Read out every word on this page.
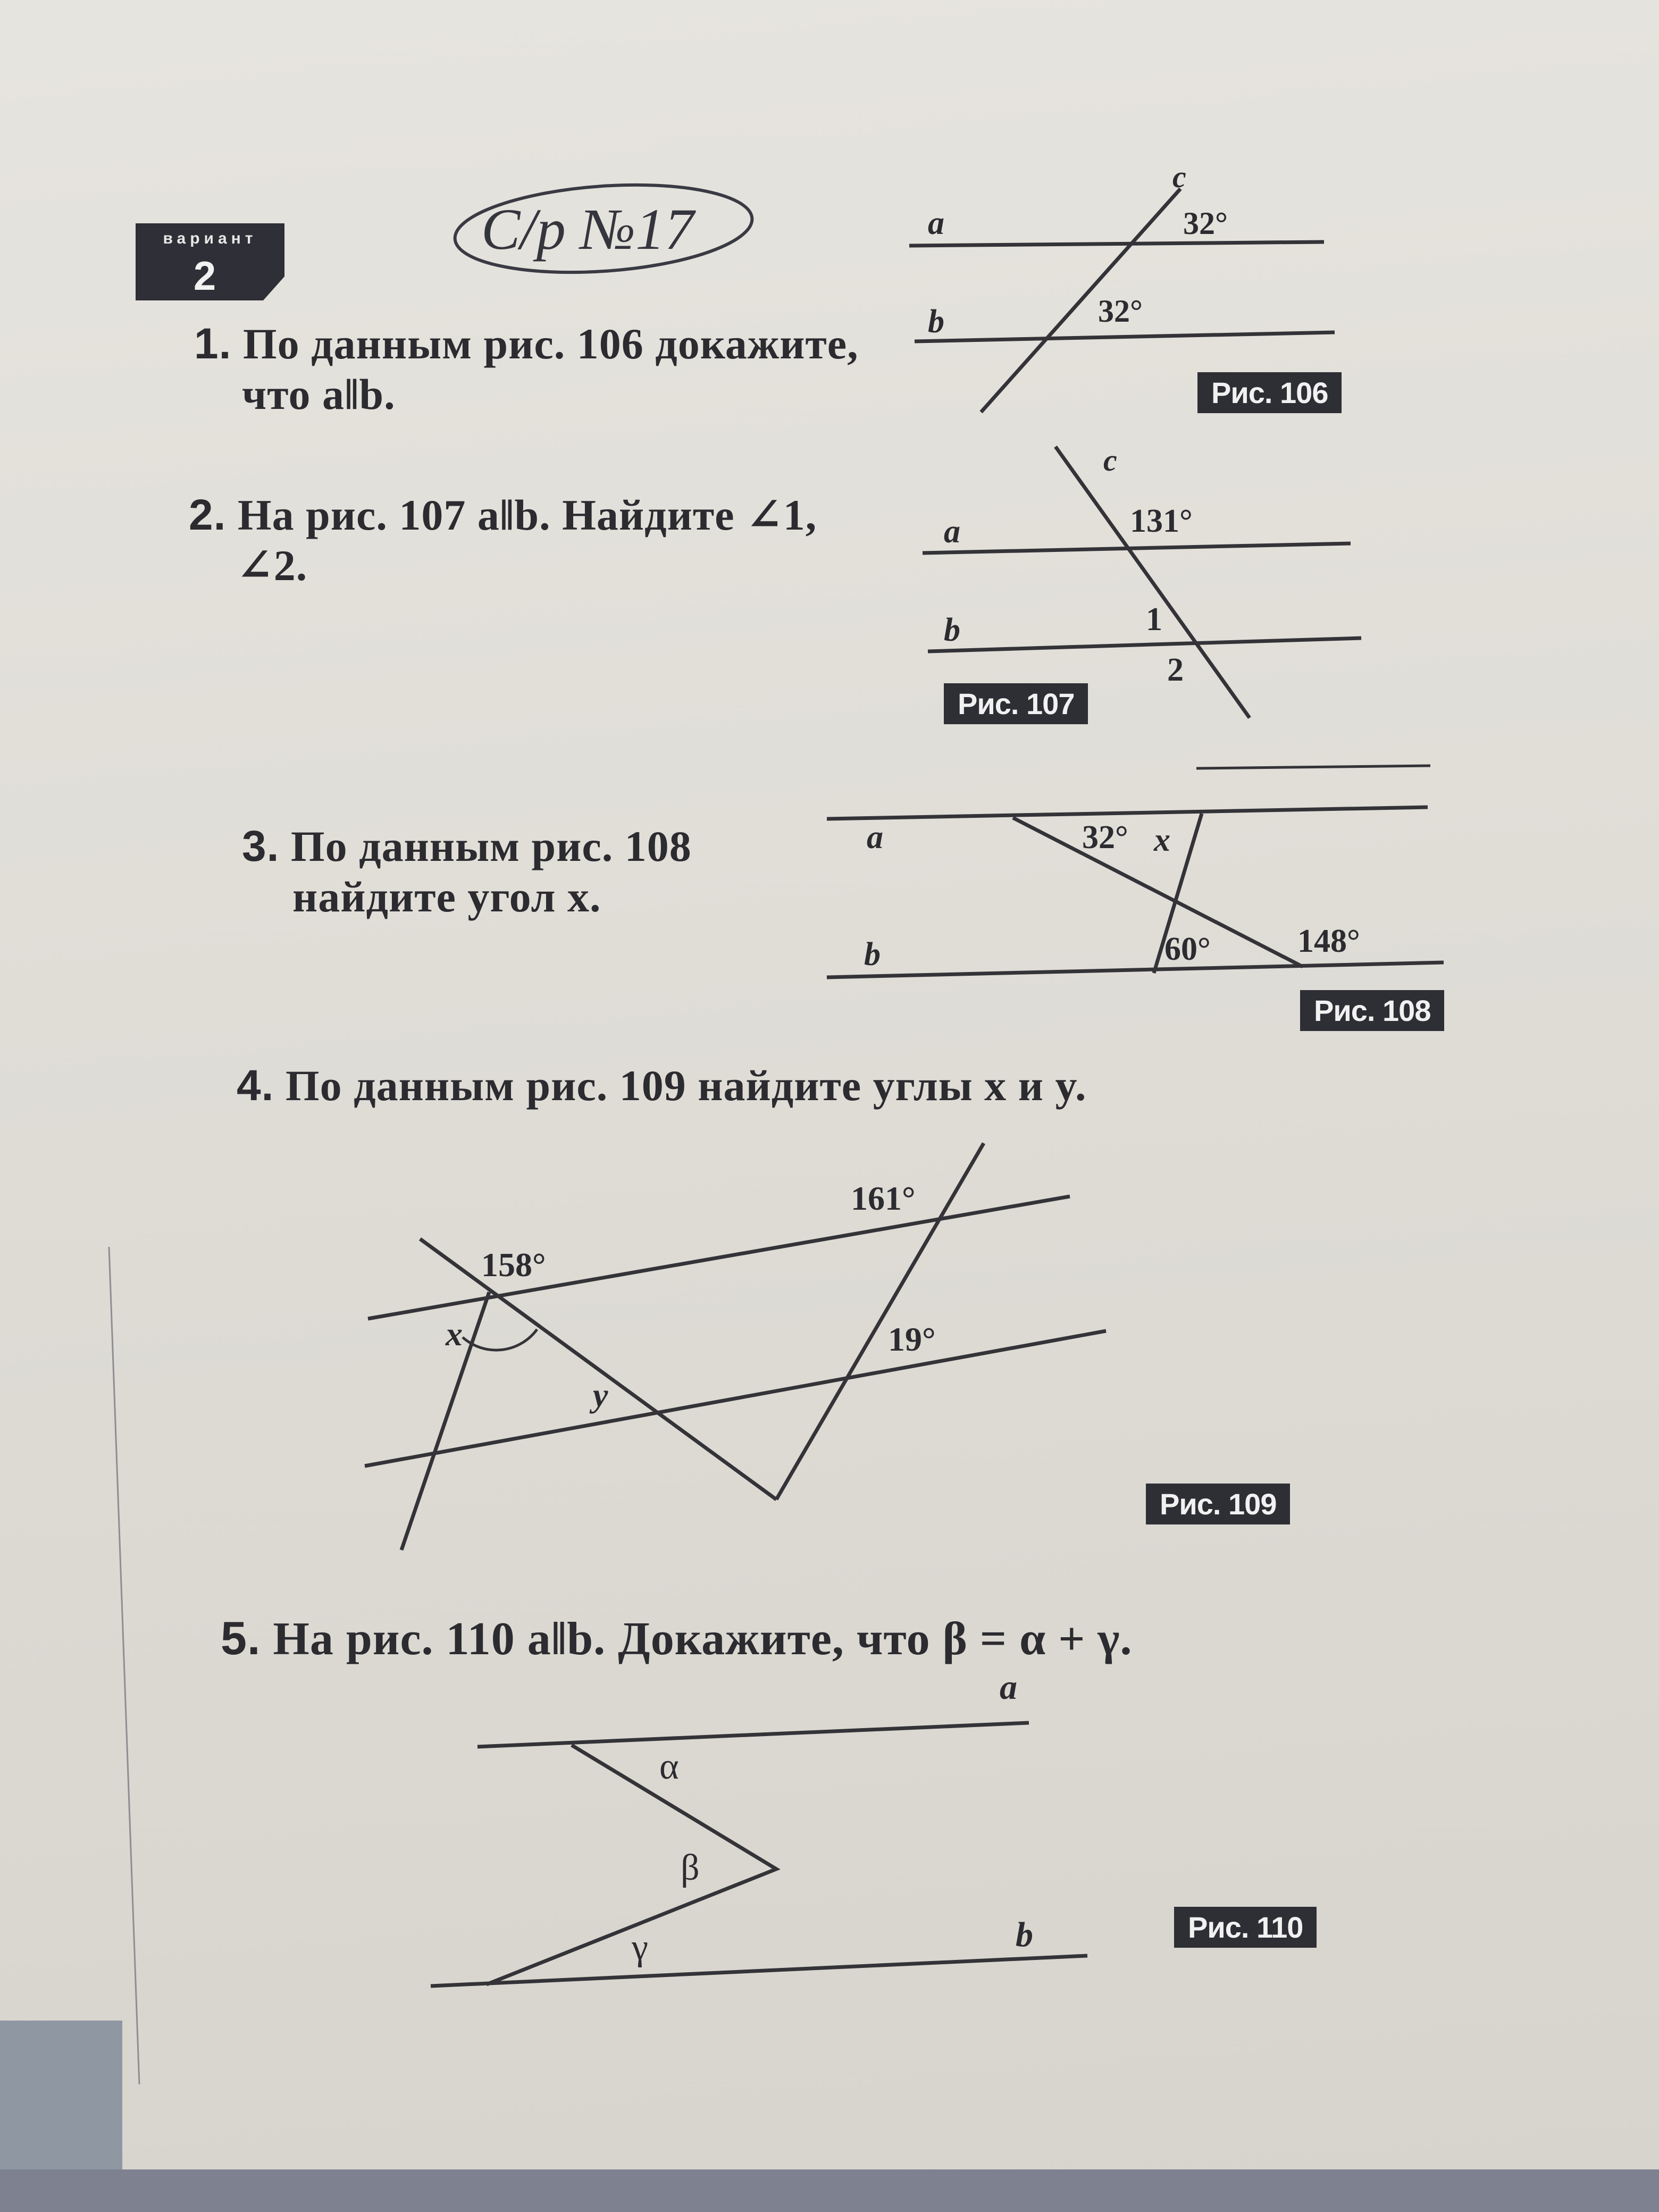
вариант
2
С/р №17
1. По данным рис. 106 докажите,
что a‖b.
2. На рис. 107 a‖b. Найдите ∠1,
∠2.
3. По данным рис. 108
найдите угол x.
4. По данным рис. 109 найдите углы x и y.
5. На рис. 110 a‖b. Докажите, что β = α + γ.
a
b
c
32°
32°
Рис. 106
a
b
c
131°
1
2
Рис. 107
a
b
32° x
60°	148°
Рис. 108
158°
161°
19°
x
y
Рис. 109
a
b
α
β
γ	Рис. 110
